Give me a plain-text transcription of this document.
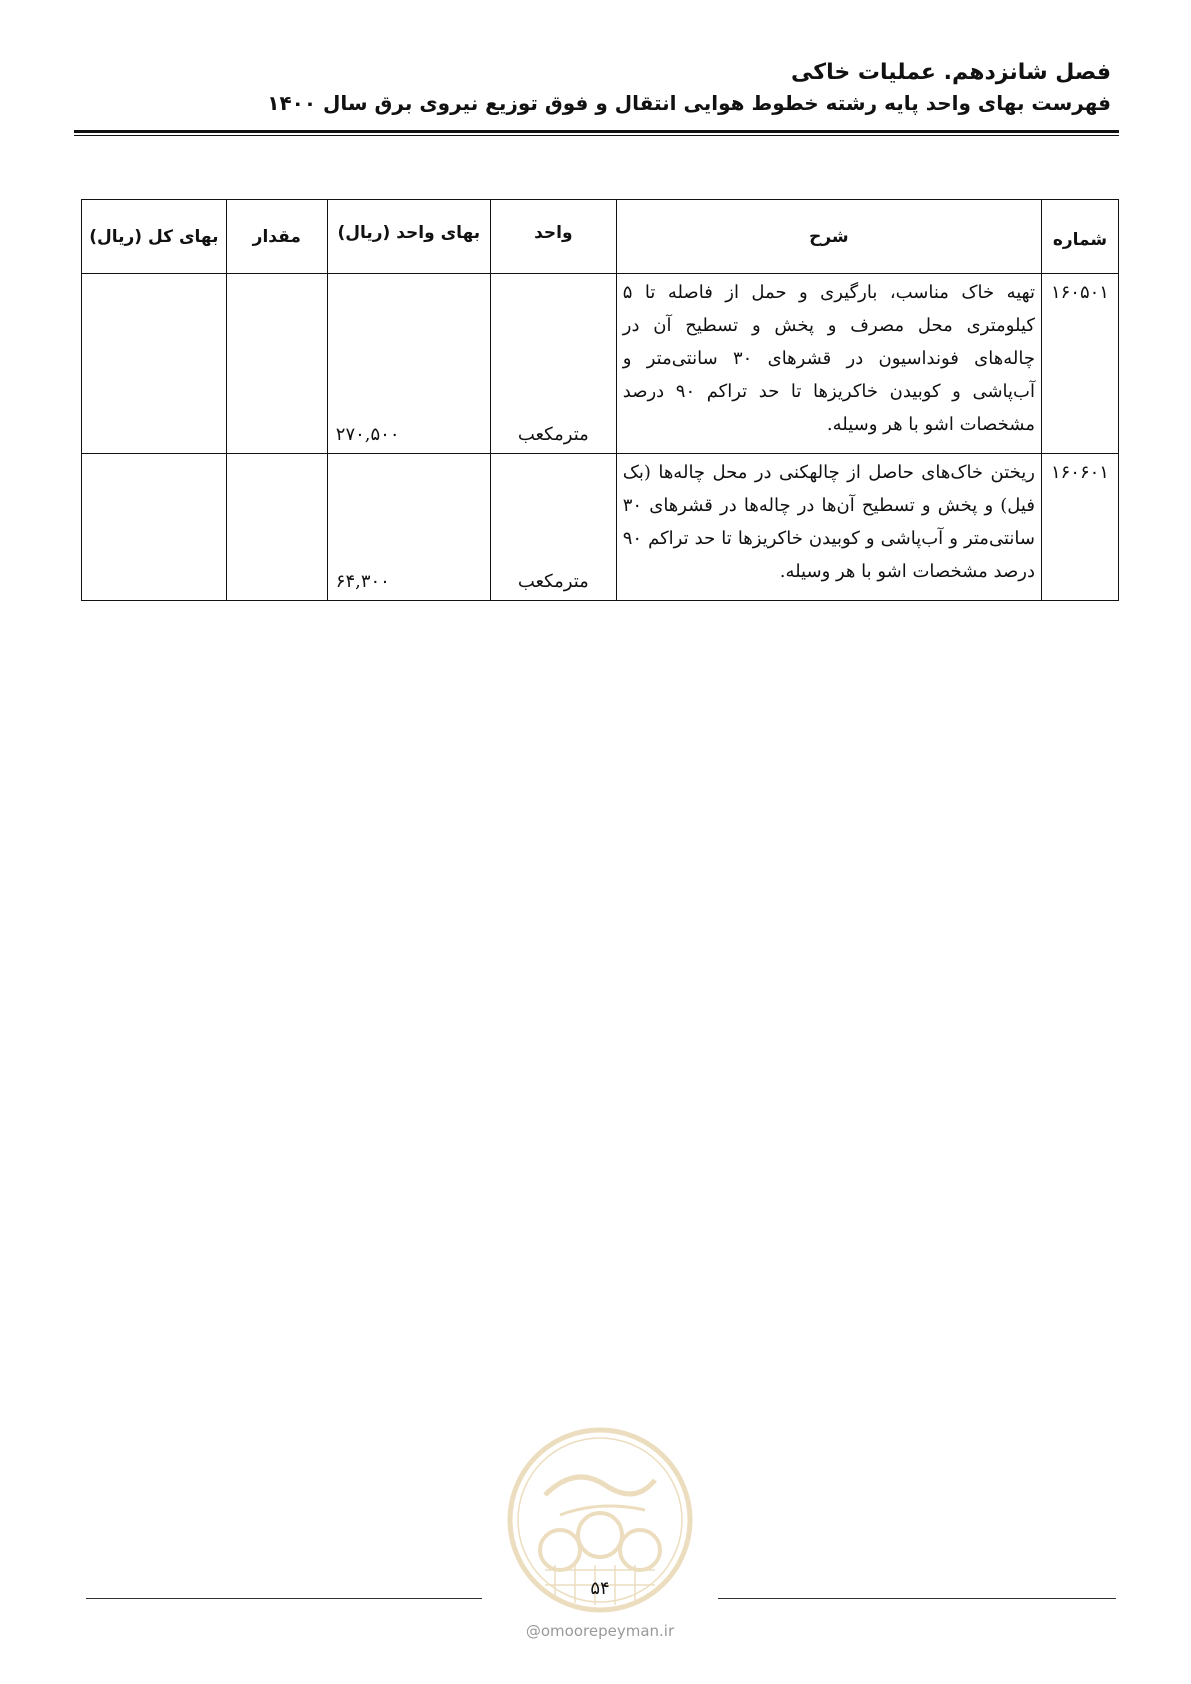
فصل شانزدهم. عملیات خاکی

فهرست بهای واحد پایه رشته خطوط هوایی انتقال و فوق توزیع نیروی برق سال ۱۴۰۰

شماره	شرح	واحد	بهای واحد (ریال)	مقدار	بهای کل (ریال)
۱۶۰۵۰۱	تهیه خاک مناسب، بارگیری و حمل از فاصله تا ۵ کیلومتری محل مصرف و پخش و تسطیح آن در چاله‌های فونداسیون در قشرهای ۳۰ سانتی‌متر و آب‌پاشی و کوبیدن خاکریزها تا حد تراکم ۹۰ درصد مشخصات اشو با هر وسیله.	مترمکعب	۲۷۰,۵۰۰		
۱۶۰۶۰۱	ریختن خاک‌های حاصل از چالهکنی در محل چاله‌ها (بک فیل) و پخش و تسطیح آن‌ها در چاله‌ها در قشرهای ۳۰ سانتی‌متر و آب‌پاشی و کوبیدن خاکریزها تا حد تراکم ۹۰ درصد مشخصات اشو با هر وسیله.	مترمکعب	۶۴,۳۰۰		
۵۴
@omoorepeyman.ir
